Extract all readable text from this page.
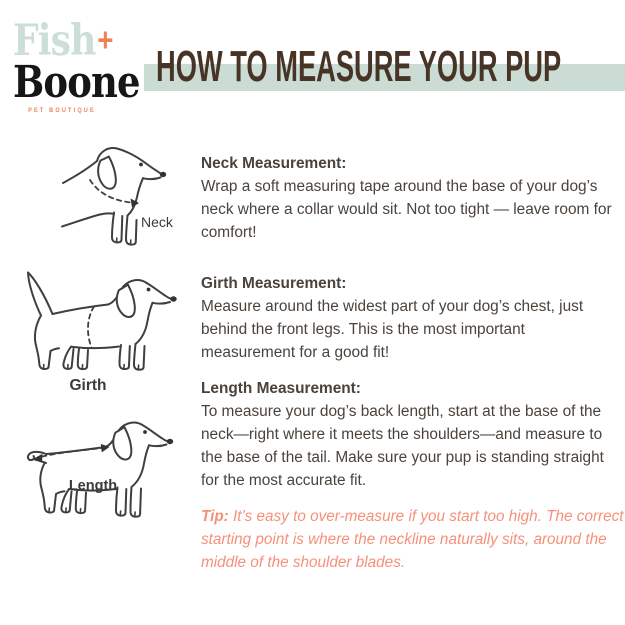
Fish+
Boone
PET BOUTIQUE
HOW TO MEASURE YOUR PUP
Neck
Neck Measurement:
Wrap a soft measuring tape around the base of your dog’s neck where a collar would sit. Not too tight — leave room for comfort!
Girth
Girth Measurement:
Measure around the widest part of your dog’s chest, just behind the front legs. This is the most important measurement for a good fit!
Length
Length Measurement:
To measure your dog’s back length, start at the base of the neck—right where it meets the shoulders—and measure to the base of the tail. Make sure your pup is standing straight for the most accurate fit.
Tip: It’s easy to over-measure if you start too high. The correct starting point is where the neckline naturally sits, around the middle of the shoulder blades.
